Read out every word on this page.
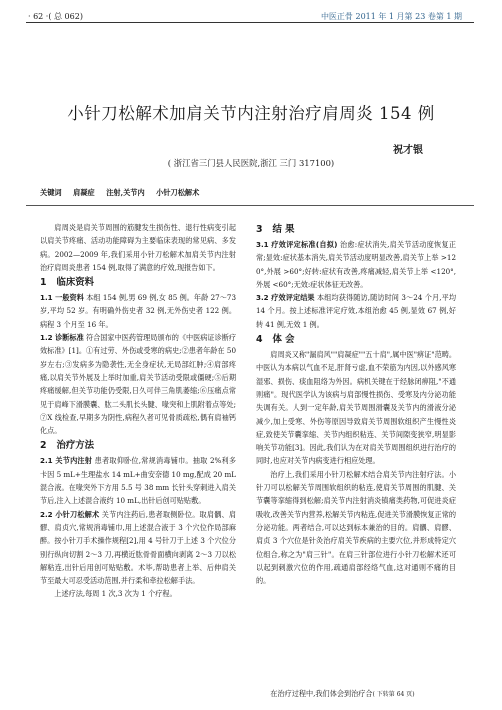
· 62 ·( 总 062)	中医正骨 2011 年 1 月第 23 卷第 1 期
小针刀松解术加肩关节内注射治疗肩周炎 154 例
祝才银
( 浙江省三门县人民医院,浙江 三门 317100)
关键词 肩凝症 注射,关节内 小针刀松解术

肩周炎是肩关节周围的筋腱发生损伤性、退行性病变引起以肩关节疼痛、活动功能障碍为主要临床表现的常见病、多发病。2002—2009 年,我们采用小针刀松解术加肩关节内注射治疗肩周炎患者 154 例,取得了满意的疗效,现报告如下。

1 临床资料

1.1 一般资料 本组 154 例,男 69 例,女 85 例。年龄 27～73 岁,平均 52 岁。有明确外伤史者 32 例,无外伤史者 122 例。病程 3 个月至 16 年。

1.2 诊断标准 符合国家中医药管理局颁布的《中医病证诊断疗效标准》[1]。①有过劳、外伤或受寒的病史;②患者年龄在 50 岁左右;③发病多为隐袭性,无全身症状,无局部红肿;④肩部疼痛,以肩关节外展及上举时加重,肩关节活动受限或僵硬;⑤后期疼痛缓解,但关节功能仍受限,日久可伴三角肌萎缩;⑥压痛点常见于肩峰下滑膜囊、肱二头肌长头腱、喙突和上肌附着点等处;⑦X 线检查,早期多为阴性,病程久者可见骨质疏松,偶有肩袖钙化点。

2 治疗方法

2.1 关节内注射 患者取仰卧位,常规消毒铺巾。抽取 2%利多卡因 5 mL+生理盐水 14 mL+曲安奈德 10 mg,配成 20 mL 混合液。在喙突外下方用 5.5 号 38 mm 长针头穿刺进入肩关节后,注入上述混合液约 10 mL,出针后创可贴贴敷。

2.2 小针刀松解术 关节内注药后,患者取侧卧位。取肩髃、肩髎、肩贞穴,常规消毒铺巾,用上述混合液于 3 个穴位作局部麻醉。按小针刀手术操作规程[2],用 4 号针刀于上述 3 个穴位分别行纵向切割 2～3 刀,再横近肱骨骨面横向剥离 2～3 刀以松解粘连,出针后用创可贴贴敷。术毕,帮助患者上举、后伸肩关节至最大可忍受活动范围,并行柔和牵拉松解手法。

上述疗法,每周 1 次,3 次为 1 个疗程。

3 结 果

3.1 疗效评定标准(自拟) 治愈:症状消失,肩关节活动度恢复正常;显效:症状基本消失,肩关节活动度明显改善,肩关节上举 >120°,外展 >60°;好转:症状有改善,疼痛减轻,肩关节上举 <120°,外展 <60°;无效:症状体征无改善。

3.2 疗效评定结果 本组均获得随访,随访时间 3～24 个月,平均 14 个月。按上述标准评定疗效,本组治愈 45 例,显效 67 例,好转 41 例,无效 1 例。

4 体 会

肩周炎又称"漏肩风""肩凝症""五十肩",属中医"痹证"范畴。中医认为本病以气血不足,肝肾亏虚,血不荣筋为内因,以外感风寒湿邪、损伤、痰血阻络为外因。病机关键在于经脉闭痹阻,"不通则痛"。现代医学认为该病与肩部慢性损伤、受寒及内分泌功能失调有关。人到一定年龄,肩关节周围滑囊及关节内的滑液分泌减少,加上受寒、外伤等原因导致肩关节周围软组织产生慢性炎症,致使关节囊挛缩、关节内组织粘连、关节间隙变狭窄,明显影响关节功能[3]。因此,我们认为在对肩关节周围组织进行治疗的同时,也应对关节内病变进行相应处理。

治疗上,我们采用小针刀松解术结合肩关节内注射疗法。小针刀可以松解关节周围软组织的粘连,使肩关节周围的肌腱、关节囊等挛缩得到松解;肩关节内注射消炎镇痛类药物,可促进炎症吸收,改善关节内营养,松解关节内粘连,促进关节滑膜恢复正常的分泌功能。两者结合,可以达到标本兼治的目的。肩髃、肩髎、肩贞 3 个穴位是针灸治疗肩关节疾病的主要穴位,并形成特定穴位组合,称之为"肩三针"。在肩三针部位进行小针刀松解术还可以起到刺激穴位的作用,疏通肩部经络气血,这对通则不痛的目的。

在治疗过程中,我们体会到治疗合( 下转第 64 页)
